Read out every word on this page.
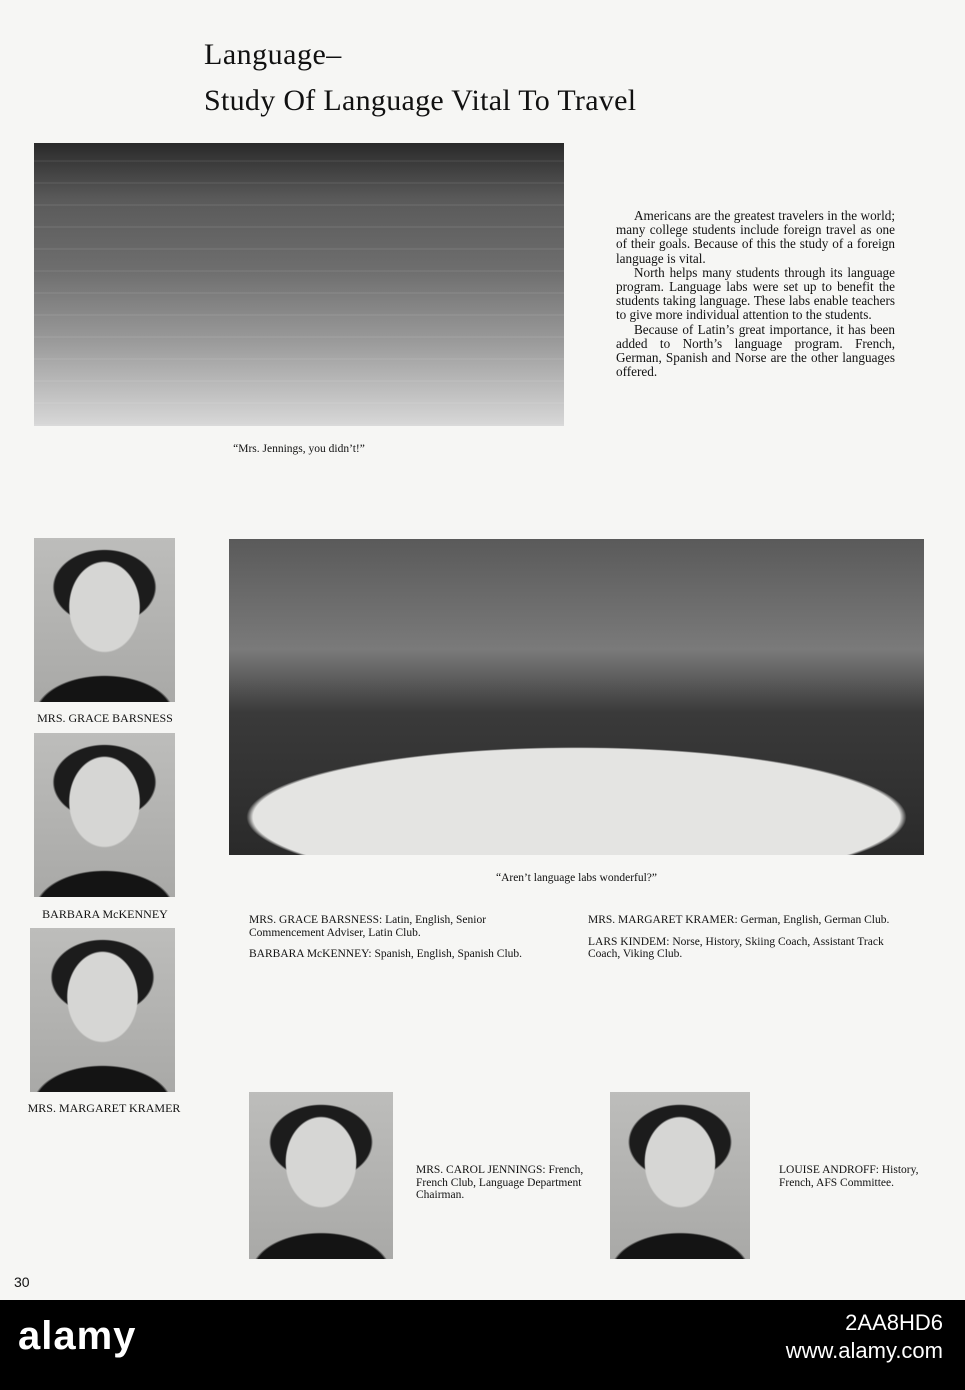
Language–
Study Of Language Vital To Travel
“Mrs. Jennings, you didn’t!”

Americans are the greatest travelers in the world; many college students include foreign travel as one of their goals. Because of this the study of a foreign language is vital.

North helps many students through its language program. Language labs were set up to benefit the students taking language. These labs enable teachers to give more individual attention to the students.

Because of Latin’s great importance, it has been added to North’s language program. French, German, Spanish and Norse are the other languages offered.

MRS. GRACE BARSNESS
BARBARA McKENNEY
MRS. MARGARET KRAMER
“Aren’t language labs wonderful?”

MRS. GRACE BARSNESS: Latin, English, Senior Commencement Adviser, Latin Club.

BARBARA McKENNEY: Spanish, English, Spanish Club.

MRS. MARGARET KRAMER: German, English, German Club.

LARS KINDEM: Norse, History, Skiing Coach, Assistant Track Coach, Viking Club.

MRS. CAROL JENNINGS: French, French Club, Language Department Chairman.
LOUISE ANDROFF: History, French, AFS Committee.
30
alamy	2AA8HD6
www.alamy.com
